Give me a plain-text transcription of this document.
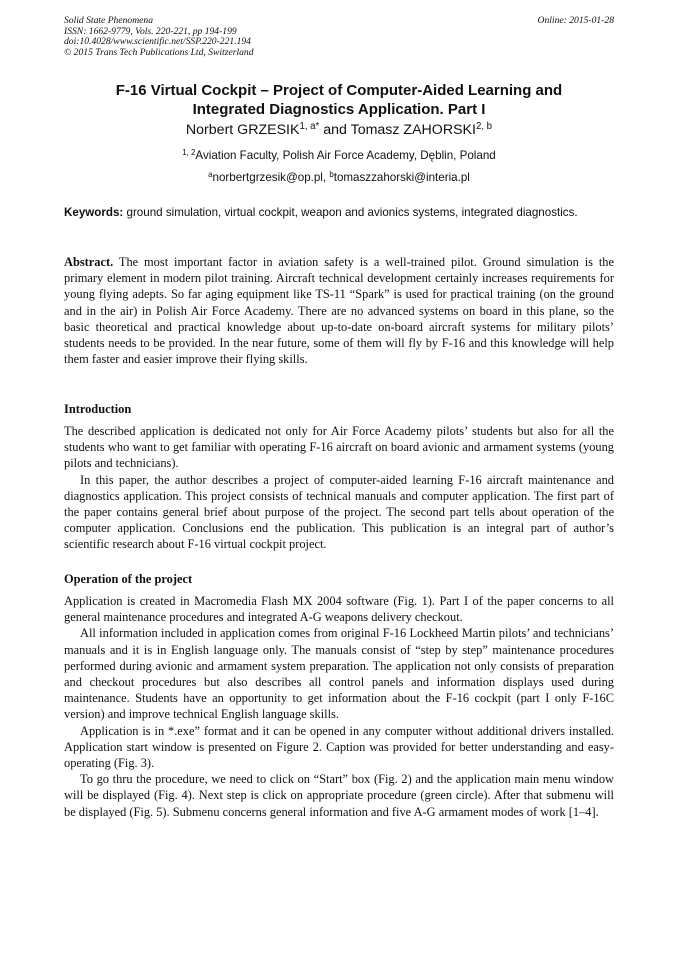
Solid State Phenomena
ISSN: 1662-9779, Vols. 220-221, pp 194-199
doi:10.4028/www.scientific.net/SSP.220-221.194
© 2015 Trans Tech Publications Ltd, Switzerland
Online: 2015-01-28
F-16 Virtual Cockpit – Project of Computer-Aided Learning and
Integrated Diagnostics Application. Part I
Norbert $GRZESIK^{1, a*}$ and Tomasz ZAHORSKI$^{2, b}$
$^{1, 2}$Aviation Faculty, Polish Air Force Academy, Dęblin, Poland
$^a$norbertgrzesik@op.pl, $^b$tomaszzahorski@interia.pl
Keywords: ground simulation, virtual cockpit, weapon and avionics systems, integrated diagnostics.

Abstract. The most important factor in aviation safety is a well-trained pilot. Ground simulation is the primary element in modern pilot training. Aircraft technical development certainly increases requirements for young flying adepts. So far aging equipment like TS-11 “Spark” is used for practical training (on the ground and in the air) in Polish Air Force Academy. There are no advanced systems on board in this plane, so the basic theoretical and practical knowledge about up-to-date on-board aircraft systems for military pilots’ students needs to be provided. In the near future, some of them will fly by F-16 and this knowledge will help them faster and easier improve their flying skills.

Introduction

The described application is dedicated not only for Air Force Academy pilots’ students but also for all the students who want to get familiar with operating F-16 aircraft on board avionic and armament systems (young pilots and technicians).

In this paper, the author describes a project of computer-aided learning F-16 aircraft maintenance and diagnostics application. This project consists of technical manuals and computer application. The first part of the paper contains general brief about purpose of the project. The second part tells about operation of the computer application. Conclusions end the publication. This publication is an integral part of author’s scientific research about F-16 virtual cockpit project.

Operation of the project

Application is created in Macromedia Flash MX 2004 software (Fig. 1). Part I of the paper concerns to all general maintenance procedures and integrated A-G weapons delivery checkout.

All information included in application comes from original F-16 Lockheed Martin pilots’ and technicians’ manuals and it is in English language only. The manuals consist of “step by step” maintenance procedures performed during avionic and armament system preparation. The application not only consists of preparation and checkout procedures but also describes all control panels and information displays used during maintenance. Students have an opportunity to get information about the F-16 cockpit (part I only F-16C version) and improve technical English language skills.

Application is in *.exe” format and it can be opened in any computer without additional drivers installed. Application start window is presented on Figure 2. Caption was provided for better understanding and easy-operating (Fig. 3).

To go thru the procedure, we need to click on “Start” box (Fig. 2) and the application main menu window will be displayed (Fig. 4). Next step is click on appropriate procedure (green circle). After that submenu will be displayed (Fig. 5). Submenu concerns general information and five A-G armament modes of work [1–4].
